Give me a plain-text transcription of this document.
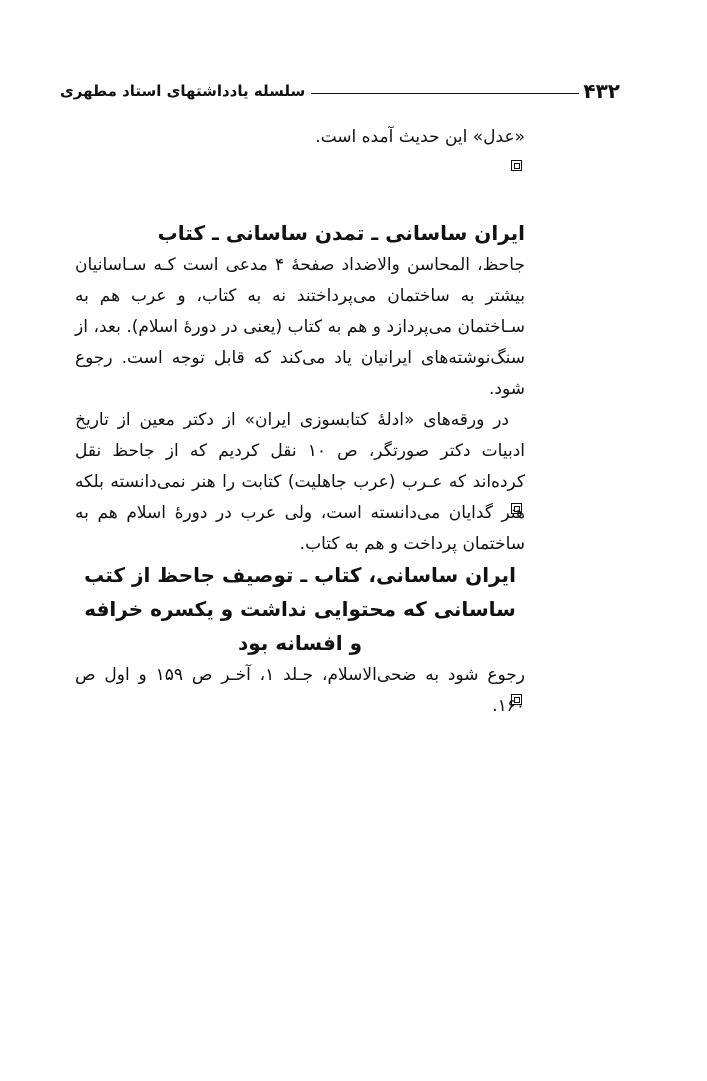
۴۳۲
سلسله یادداشتهای استاد مطهری

«عدل» این حدیث آمده است.

ایران ساسانی ـ تمدن ساسانی ـ کتاب

جاحظ، المحاسن والاضداد صفحهٔ ۴ مدعی است کـه سـاسانیان بیشتر به ساختمان می‌پرداختند نه به کتاب، و عرب هم به سـاختمان می‌پردازد و هم به کتاب (یعنی در دورهٔ اسلام). بعد، از سنگ‌نوشته‌های ایرانیان یاد می‌کند که قابل توجه است. رجوع شود.

در ورقه‌های «ادلهٔ کتابسوزی ایران» از دکتر معین از تاریخ ادبیات دکتر صورتگر، ص ۱۰ نقل کردیم که از جاحظ نقل کرده‌اند که عـرب (عرب جاهلیت) کتابت را هنر نمی‌دانسته بلکه هنر گدایان می‌دانسته است، ولی عرب در دورهٔ اسلام هم به ساختمان پرداخت و هم به کتاب.

ایران ساسانی، کتاب ـ توصیف جاحظ از کتب ساسانی که محتوایی نداشت و یکسره خرافه و افسانه بود

رجوع شود به ضحی‌الاسلام، جـلد ۱، آخـر ص ۱۵۹ و اول ص ۱۶۰.
